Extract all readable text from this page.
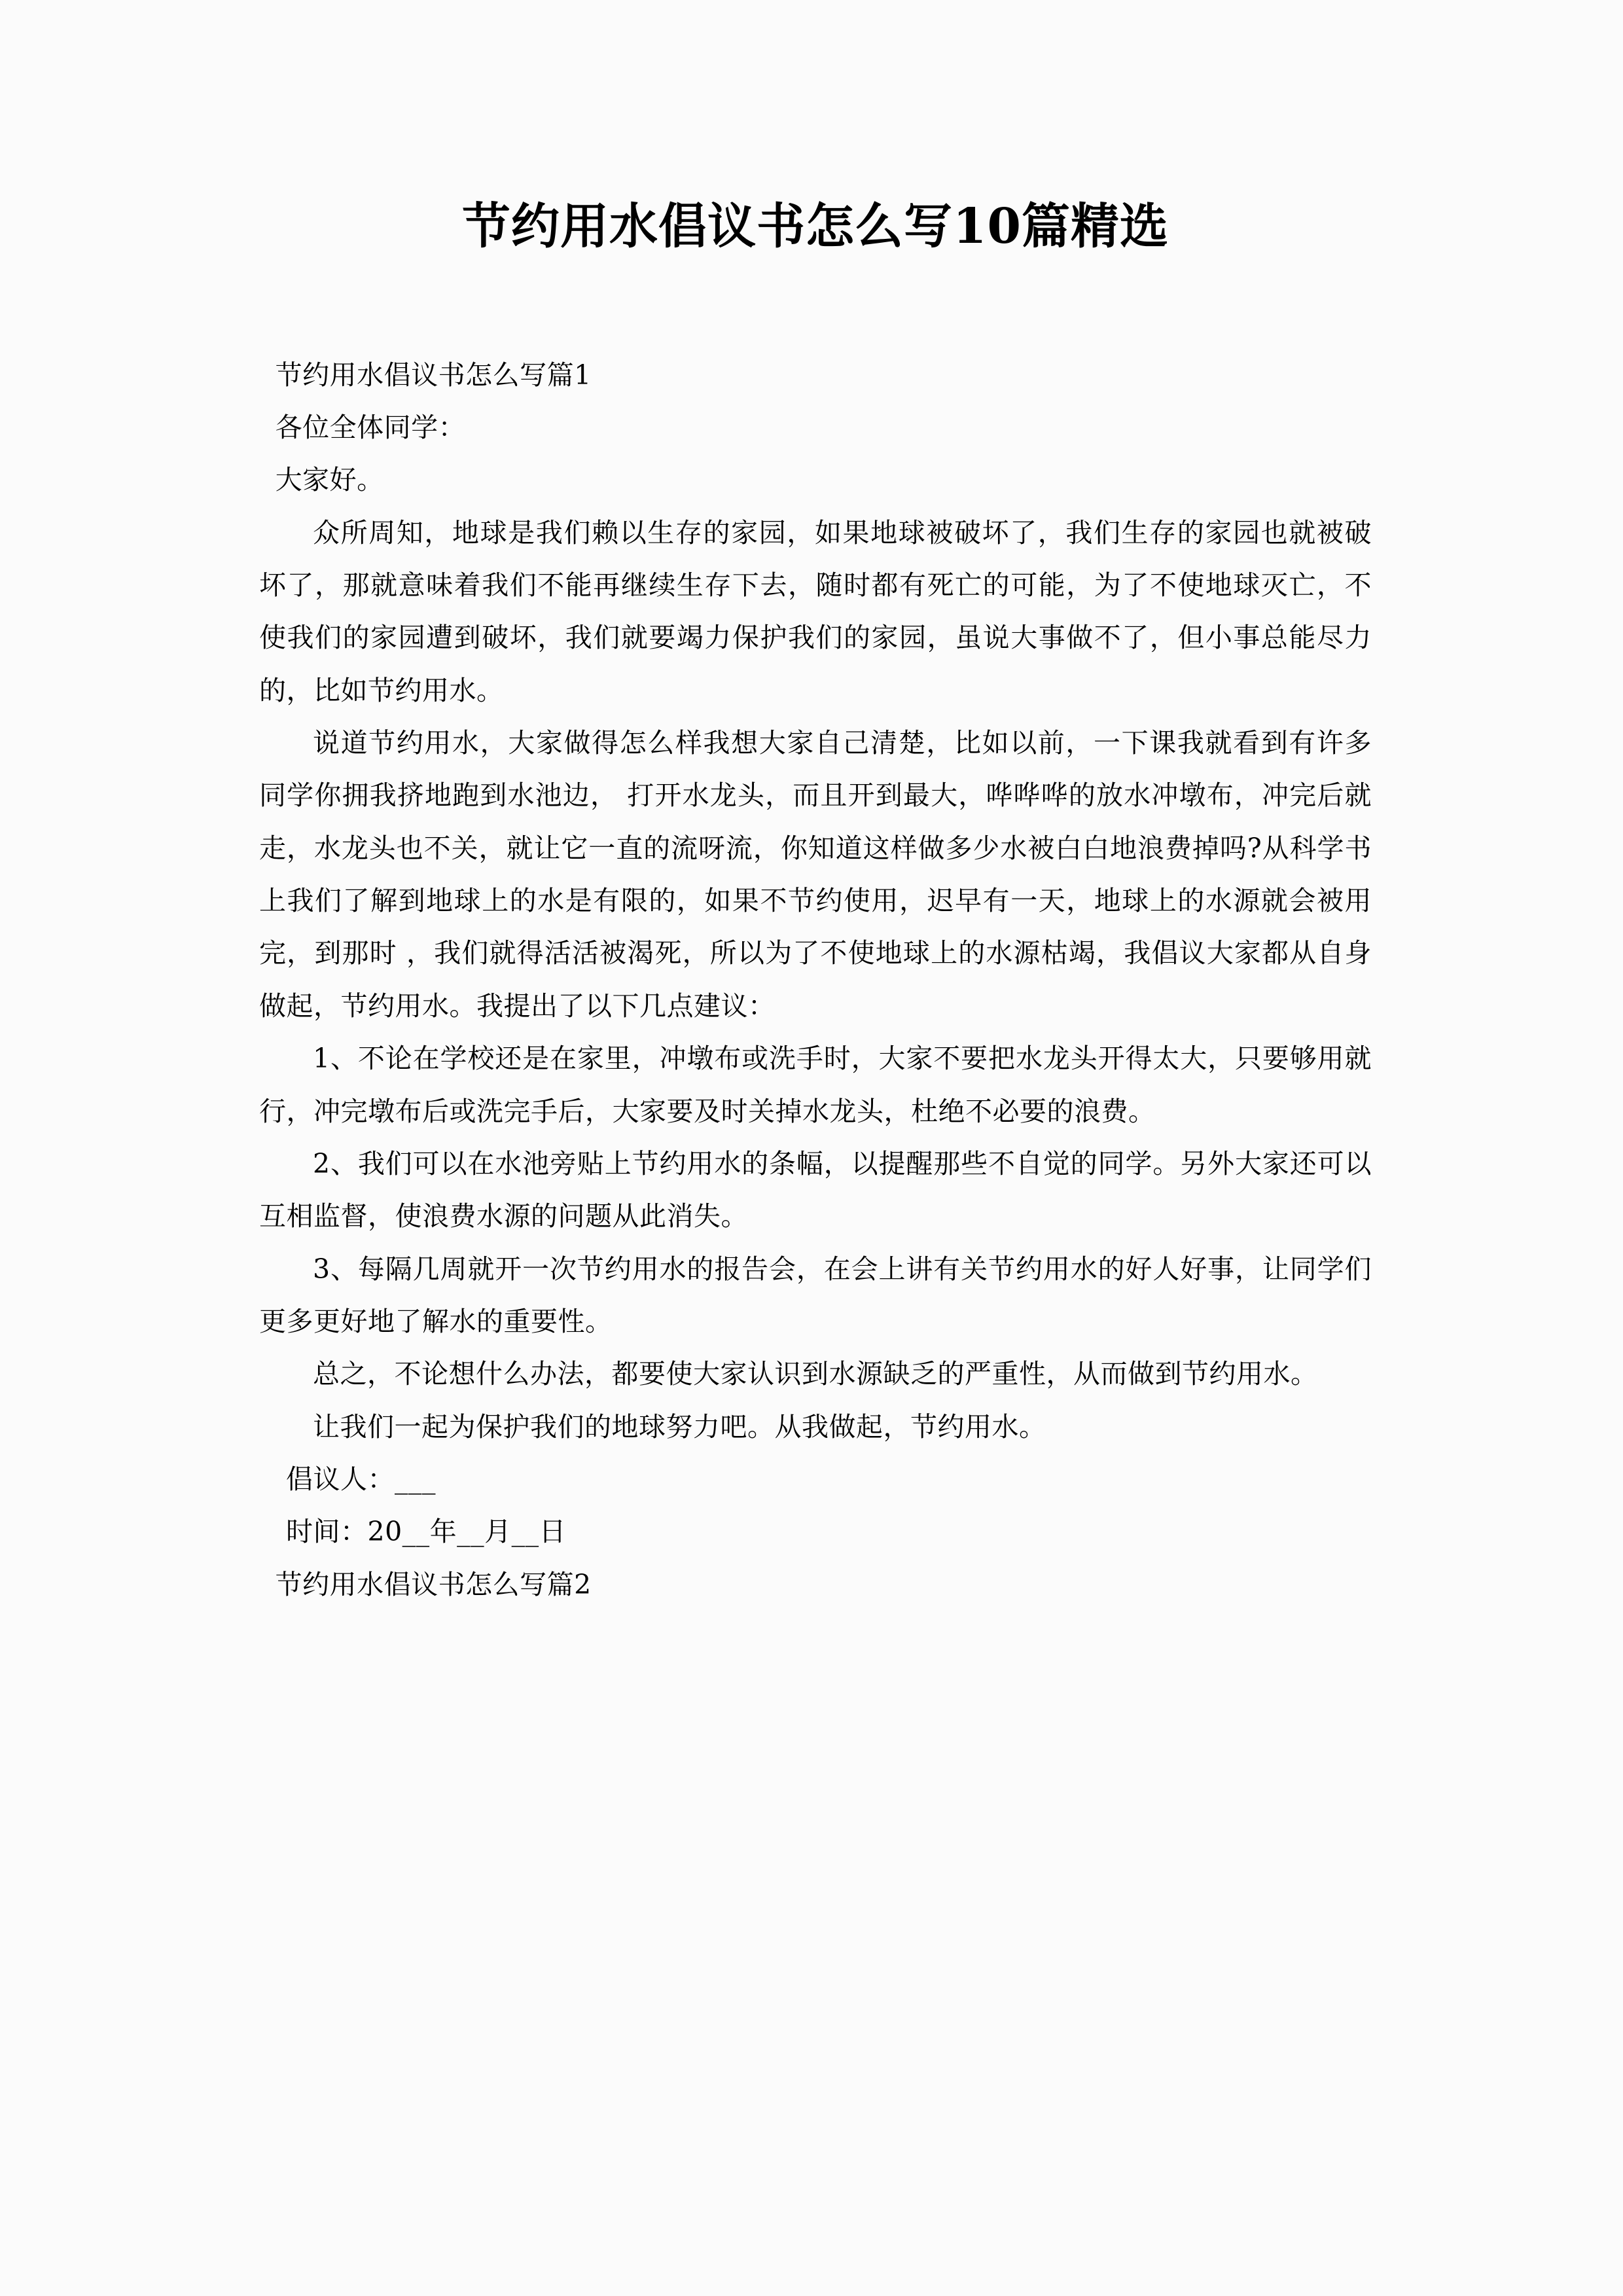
节约用水倡议书怎么写10篇精选

节约用水倡议书怎么写篇1

各位全体同学：

大家好。

众所周知，地球是我们赖以生存的家园，如果地球被破坏了，我们生存的家园也就被破坏了，那就意味着我们不能再继续生存下去，随时都有死亡的可能，为了不使地球灭亡，不使我们的家园遭到破坏，我们就要竭力保护我们的家园，虽说大事做不了，但小事总能尽力的，比如节约用水。

说道节约用水，大家做得怎么样我想大家自己清楚，比如以前，一下课我就看到有许多同学你拥我挤地跑到水池边， 打开水龙头，而且开到最大，哗哗哗的放水冲墩布，冲完后就走，水龙头也不关，就让它一直的流呀流，你知道这样做多少水被白白地浪费掉吗?从科学书上我们了解到地球上的水是有限的，如果不节约使用，迟早有一天，地球上的水源就会被用完，到那时 ，我们就得活活被渴死，所以为了不使地球上的水源枯竭，我倡议大家都从自身做起，节约用水。我提出了以下几点建议：

1、不论在学校还是在家里，冲墩布或洗手时，大家不要把水龙头开得太大，只要够用就行，冲完墩布后或洗完手后，大家要及时关掉水龙头，杜绝不必要的浪费。

2、我们可以在水池旁贴上节约用水的条幅，以提醒那些不自觉的同学。另外大家还可以互相监督，使浪费水源的问题从此消失。

3、每隔几周就开一次节约用水的报告会，在会上讲有关节约用水的好人好事，让同学们更多更好地了解水的重要性。

总之，不论想什么办法，都要使大家认识到水源缺乏的严重性，从而做到节约用水。

让我们一起为保护我们的地球努力吧。从我做起，节约用水。

倡议人：___

时间：20__年__月__日

节约用水倡议书怎么写篇2
